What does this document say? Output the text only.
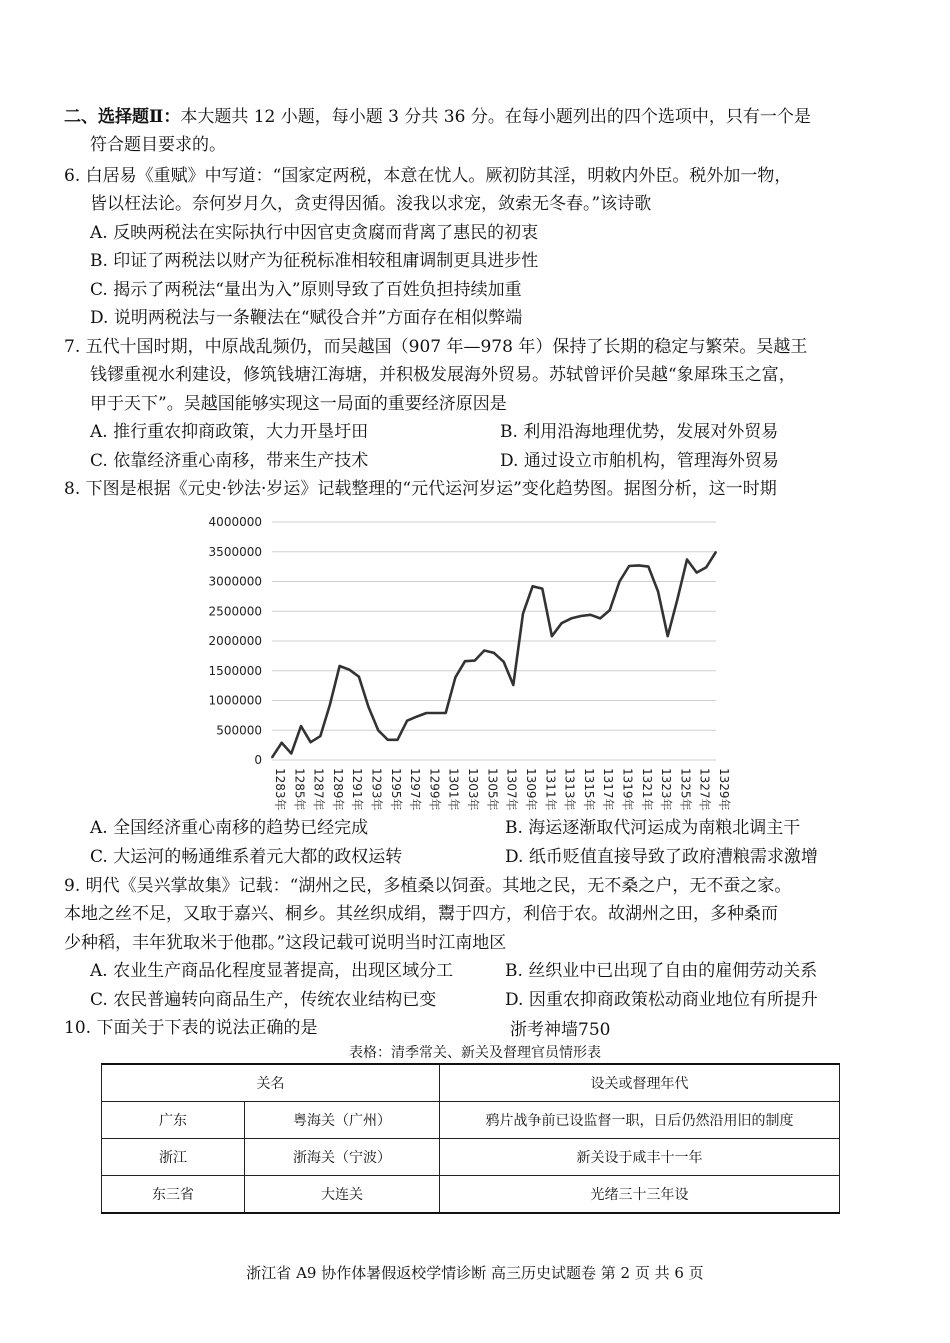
二、选择题Ⅱ：本大题共 12 小题，每小题 3 分共 36 分。在每小题列出的四个选项中，只有一个是
符合题目要求的。
6. 白居易《重赋》中写道：“国家定两税，本意在忧人。厥初防其淫，明敕内外臣。税外加一物，
皆以枉法论。奈何岁月久，贪吏得因循。浚我以求宠，敛索无冬春。”该诗歌
A. 反映两税法在实际执行中因官吏贪腐而背离了惠民的初衷
B. 印证了两税法以财产为征税标准相较租庸调制更具进步性
C. 揭示了两税法“量出为入”原则导致了百姓负担持续加重
D. 说明两税法与一条鞭法在“赋役合并”方面存在相似弊端
7. 五代十国时期，中原战乱频仍，而吴越国（907 年—978 年）保持了长期的稳定与繁荣。吴越王
钱镠重视水利建设，修筑钱塘江海塘，并积极发展海外贸易。苏轼曾评价吴越“象犀珠玉之富，
甲于天下”。吴越国能够实现这一局面的重要经济原因是
A. 推行重农抑商政策，大力开垦圩田	B. 利用沿海地理优势，发展对外贸易
C. 依靠经济重心南移，带来生产技术	D. 通过设立市舶机构，管理海外贸易
8. 下图是根据《元史·钞法·岁运》记载整理的“元代运河岁运”变化趋势图。据图分析，这一时期
0
500000
1000000
1500000
2000000
2500000
3000000
3500000
4000000
1283年 1285年 1287年 1289年 1291年 1293年 1295年 1297年 1299年 1301年 1303年 1305年 1307年 1309年 1311年 1313年 1315年 1317年 1319年 1321年 1323年 1325年 1327年 1329年
A. 全国经济重心南移的趋势已经完成	B. 海运逐渐取代河运成为南粮北调主干
C. 大运河的畅通维系着元大都的政权运转	D. 纸币贬值直接导致了政府漕粮需求激增
9. 明代《吴兴掌故集》记载：“湖州之民，多植桑以饲蚕。其地之民，无不桑之户，无不蚕之家。
本地之丝不足，又取于嘉兴、桐乡。其丝织成绢，鬻于四方，利倍于农。故湖州之田，多种桑而
少种稻，丰年犹取米于他郡。”这段记载可说明当时江南地区
A. 农业生产商品化程度显著提高，出现区域分工	B. 丝织业中已出现了自由的雇佣劳动关系
C. 农民普遍转向商品生产，传统农业结构已变	D. 因重农抑商政策松动商业地位有所提升
10. 下面关于下表的说法正确的是	浙考神墙750
表格：清季常关、新关及督理官员情形表
关名		设关或督理年代
广东	粤海关（广州）	鸦片战争前已设监督一职，日后仍然沿用旧的制度
浙江	浙海关（宁波）	新关设于咸丰十一年
东三省	大连关	光绪三十三年设
浙江省 A9 协作体暑假返校学情诊断 高三历史试题卷 第 2 页 共 6 页
